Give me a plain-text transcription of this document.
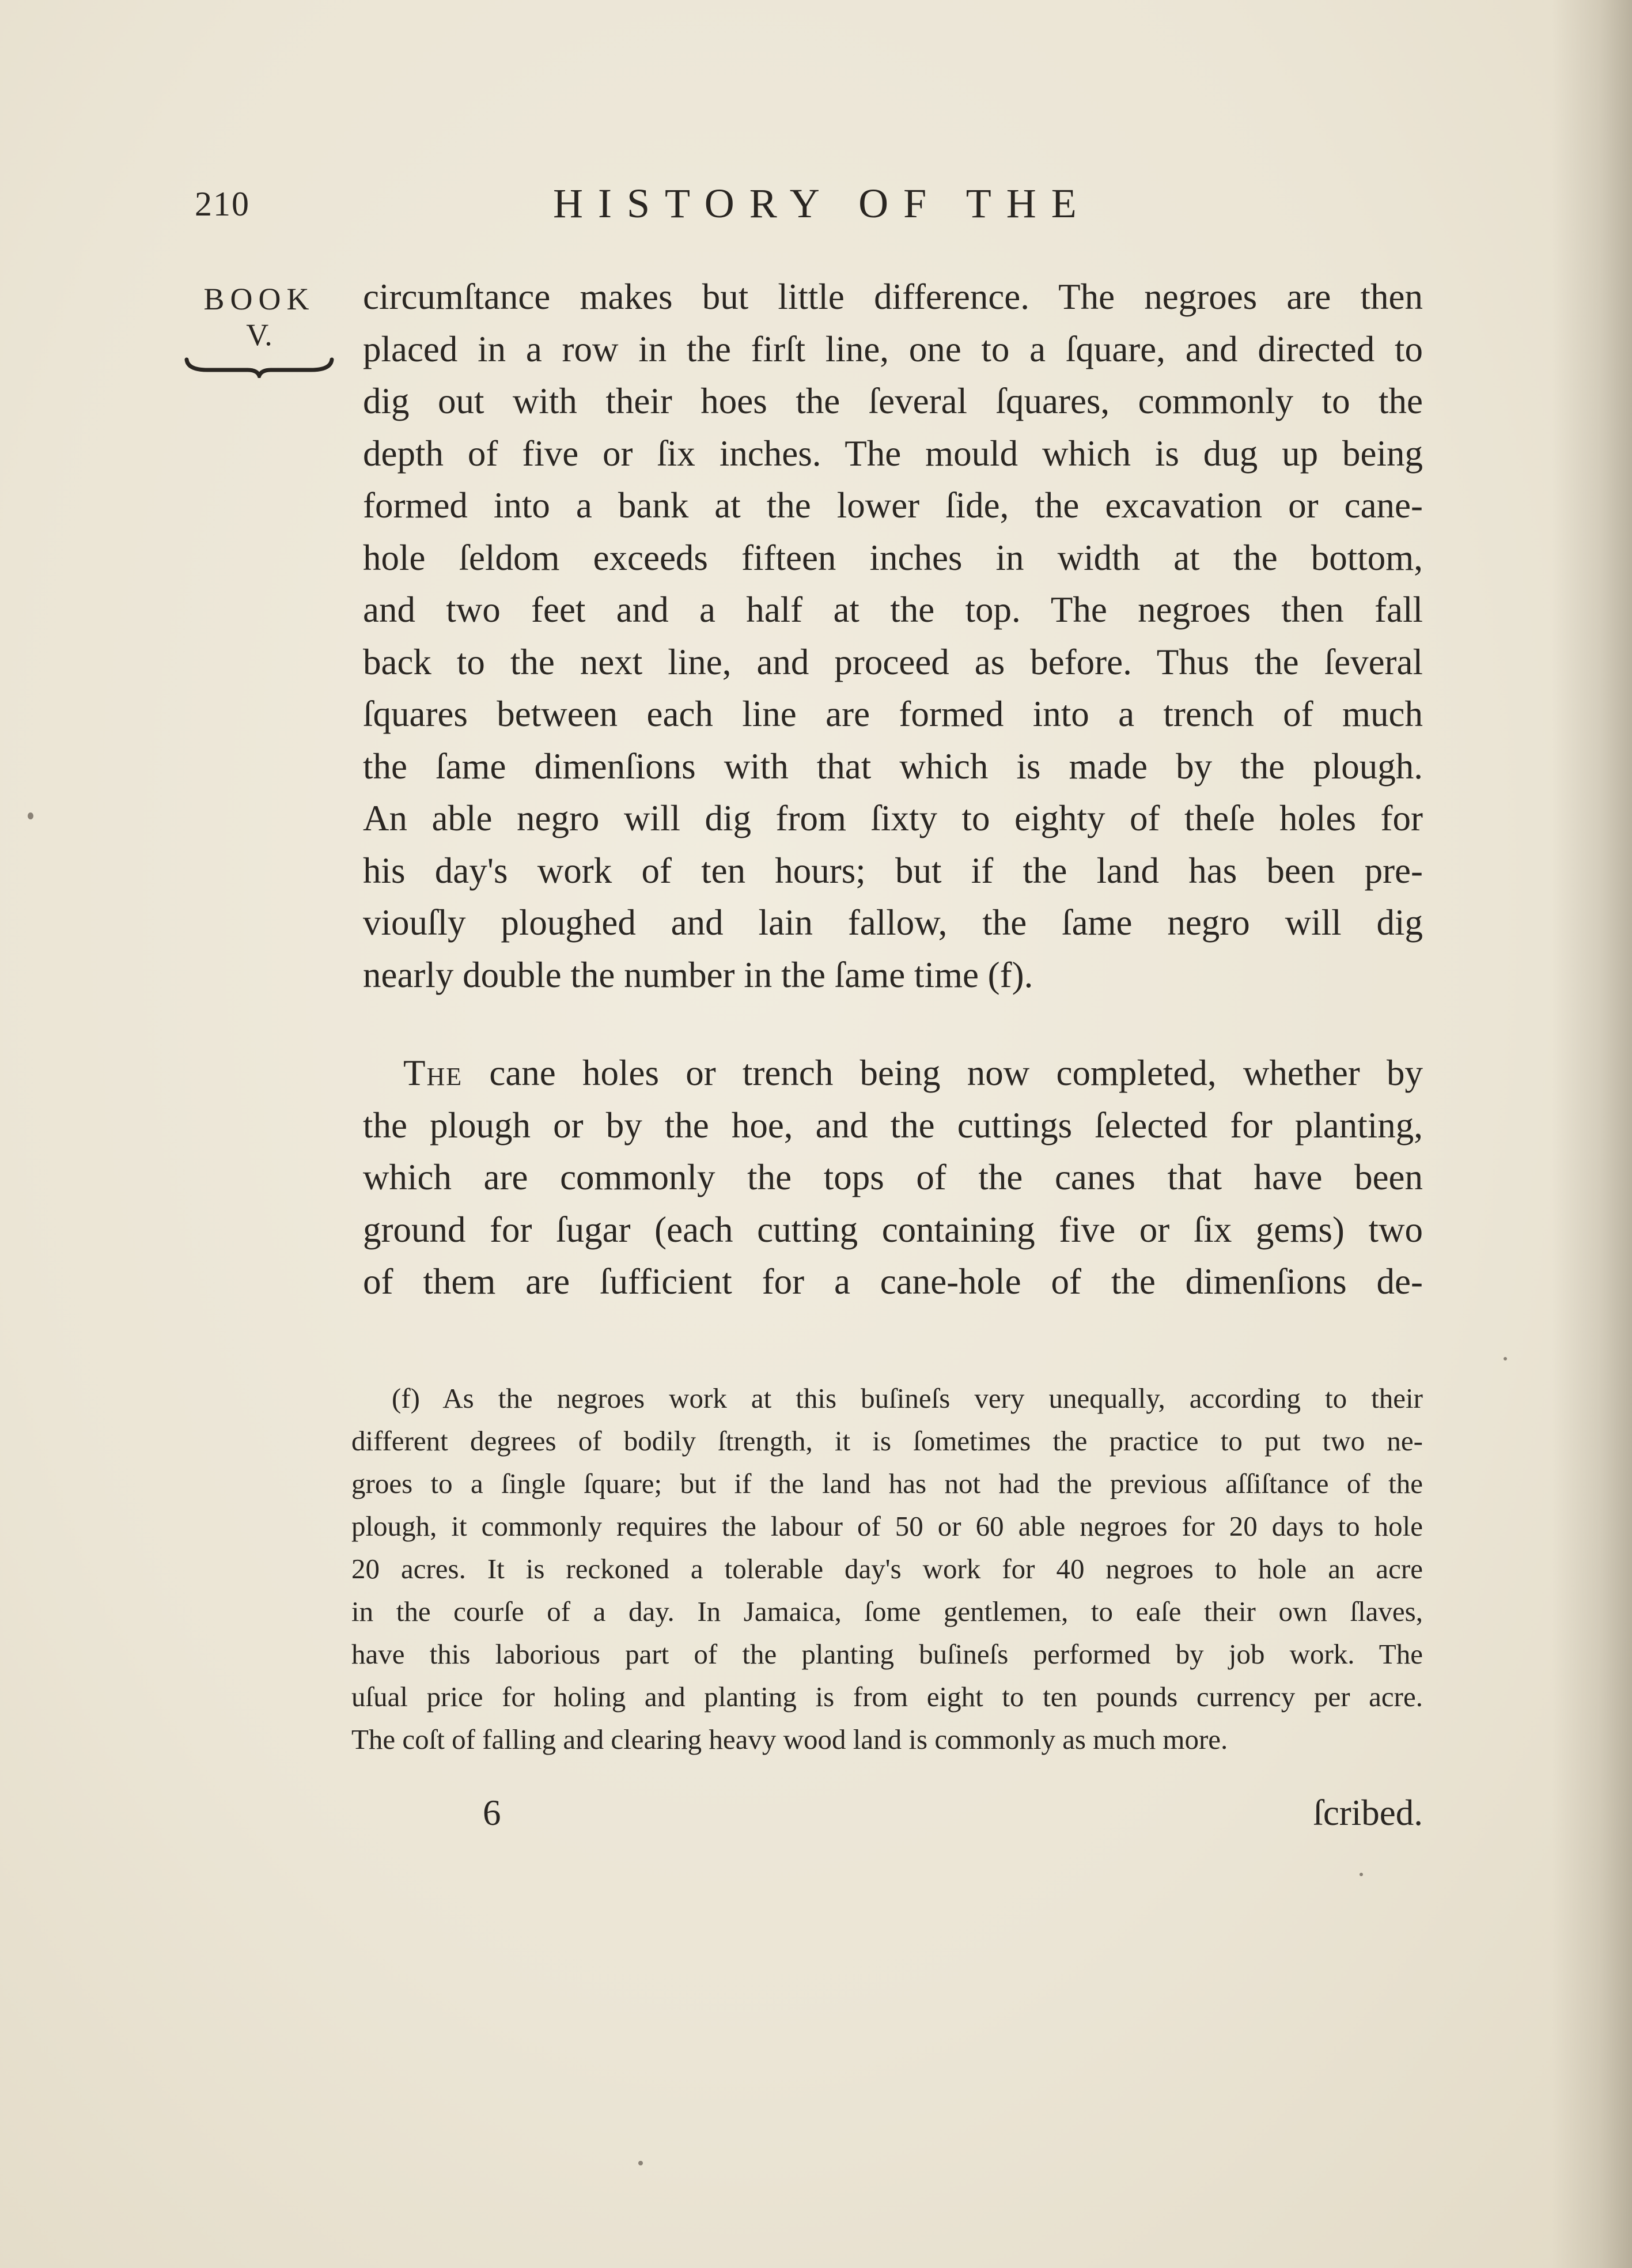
210	HISTORY OF THE
BOOK
V.
circumſtance makes but little difference. The negroes are then
placed in a row in the firſt line, one to a ſquare, and directed to
dig out with their hoes the ſeveral ſquares, commonly to the
depth of five or ſix inches. The mould which is dug up being
formed into a bank at the lower ſide, the excavation or cane-
hole ſeldom exceeds fifteen inches in width at the bottom,
and two feet and a half at the top. The negroes then fall
back to the next line, and proceed as before. Thus the ſeveral
ſquares between each line are formed into a trench of much
the ſame dimenſions with that which is made by the plough.
An able negro will dig from ſixty to eighty of theſe holes for
his day's work of ten hours; but if the land has been pre-
viouſly ploughed and lain fallow, the ſame negro will dig
nearly double the number in the ſame time (f).
The cane holes or trench being now completed, whether by
the plough or by the hoe, and the cuttings ſelected for planting,
which are commonly the tops of the canes that have been
ground for ſugar (each cutting containing five or ſix gems) two
of them are ſufficient for a cane-hole of the dimenſions de-
(f) As the negroes work at this buſineſs very unequally, according to their
different degrees of bodily ſtrength, it is ſometimes the practice to put two ne-
groes to a ſingle ſquare; but if the land has not had the previous aſſiſtance of the
plough, it commonly requires the labour of 50 or 60 able negroes for 20 days to hole
20 acres. It is reckoned a tolerable day's work for 40 negroes to hole an acre
in the courſe of a day. In Jamaica, ſome gentlemen, to eaſe their own ſlaves,
have this laborious part of the planting buſineſs performed by job work. The
uſual price for holing and planting is from eight to ten pounds currency per acre.
The coſt of falling and clearing heavy wood land is commonly as much more.
6	ſcribed.
